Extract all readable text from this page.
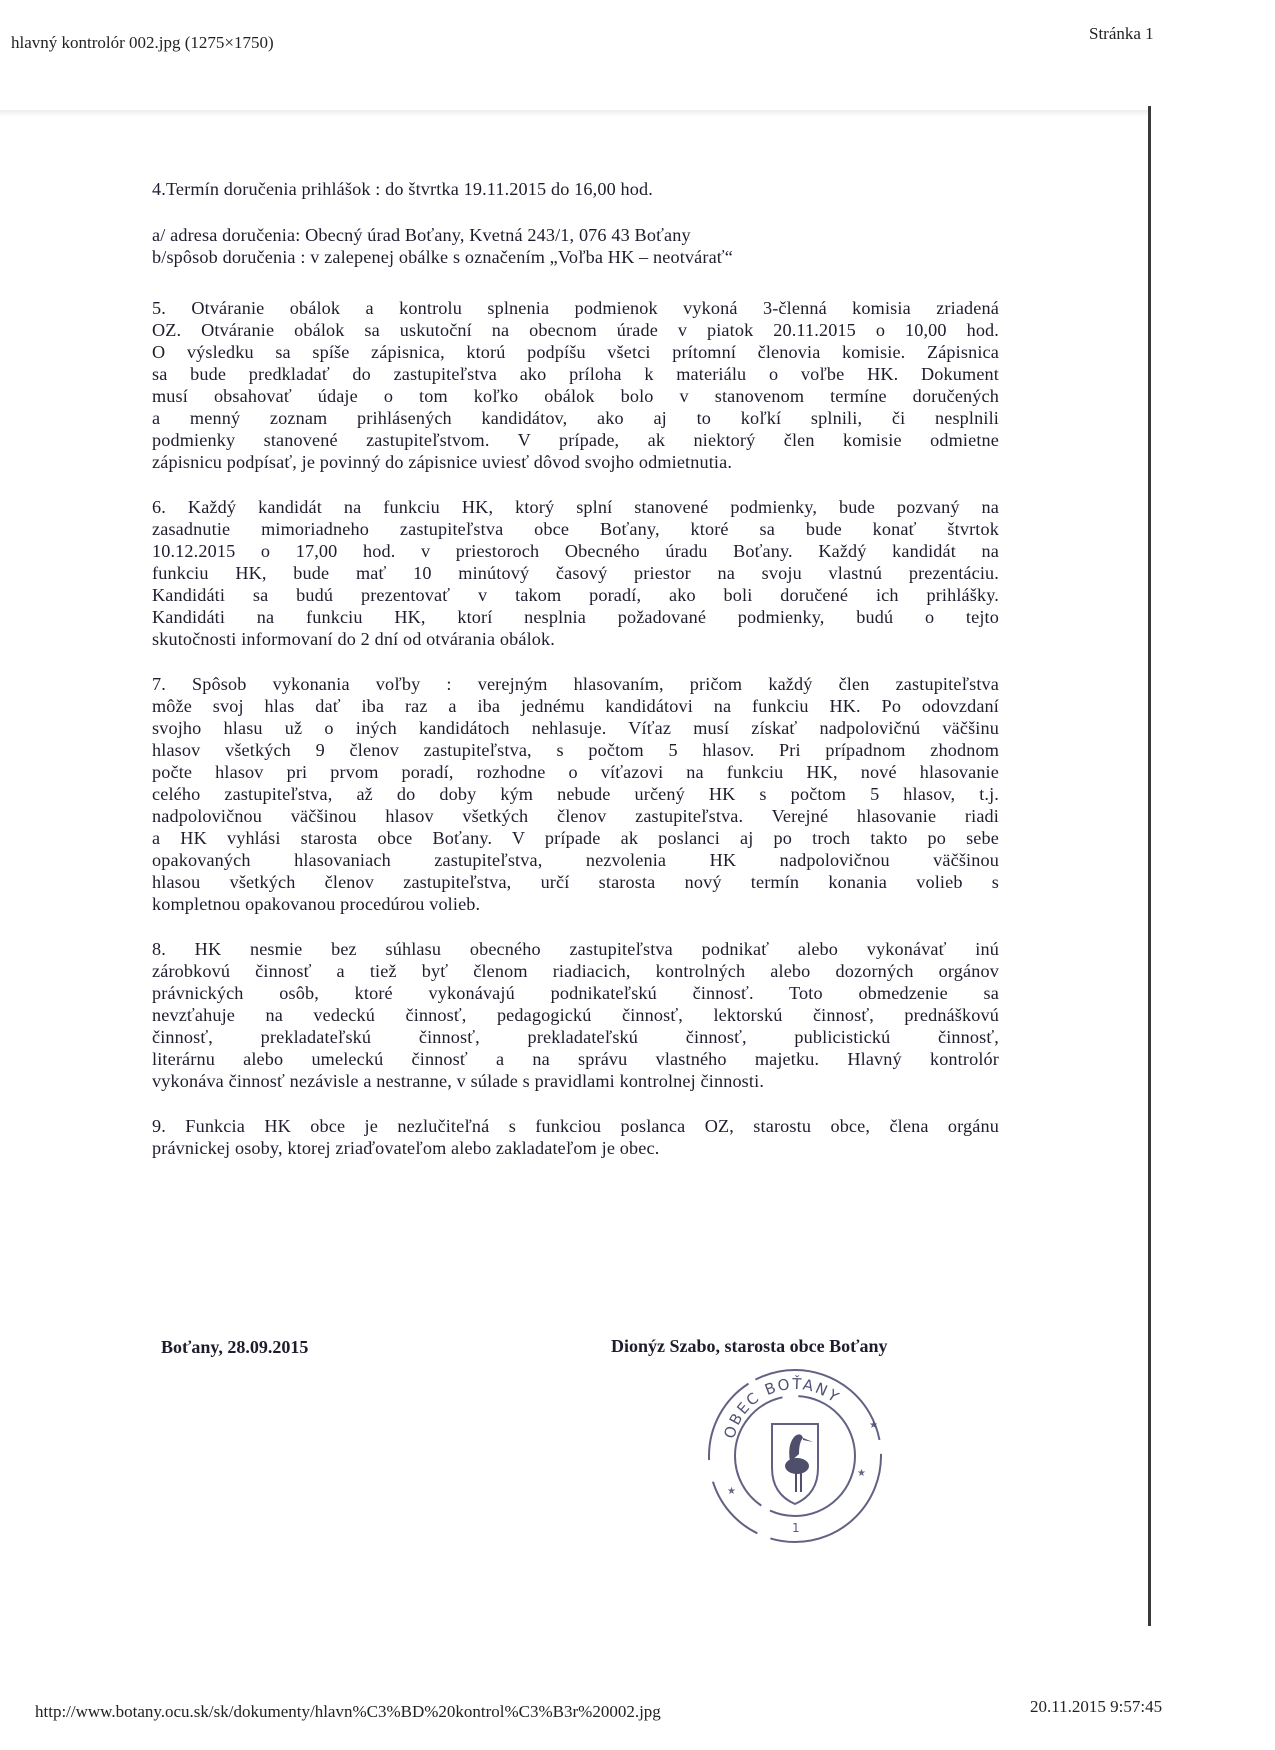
hlavný kontrolór 002.jpg (1275×1750)	Stránka 1
4.Termín doručenia prihlášok : do štvrtka 19.11.2015 do 16,00 hod.
a/ adresa doručenia: Obecný úrad Boťany, Kvetná 243/1, 076 43 Boťany
b/spôsob doručenia : v zalepenej obálke s označením „Voľba HK – neotvárať“
5. Otváranie obálok a kontrolu splnenia podmienok vykoná 3-členná komisia zriadená
OZ. Otváranie obálok sa uskutoční na obecnom úrade v piatok 20.11.2015 o 10,00 hod.
O výsledku sa spíše zápisnica, ktorú podpíšu všetci prítomní členovia komisie. Zápisnica
sa bude predkladať do zastupiteľstva ako príloha k materiálu o voľbe HK. Dokument
musí obsahovať údaje o tom koľko obálok bolo v stanovenom termíne doručených
a menný zoznam prihlásených kandidátov, ako aj to koľkí splnili, či nesplnili
podmienky stanovené zastupiteľstvom. V prípade, ak niektorý člen komisie odmietne
zápisnicu podpísať, je povinný do zápisnice uviesť dôvod svojho odmietnutia.
6. Každý kandidát na funkciu HK, ktorý splní stanovené podmienky, bude pozvaný na
zasadnutie mimoriadneho zastupiteľstva obce Boťany, ktoré sa bude konať štvrtok
10.12.2015 o 17,00 hod. v priestoroch Obecného úradu Boťany. Každý kandidát na
funkciu HK, bude mať 10 minútový časový priestor na svoju vlastnú prezentáciu.
Kandidáti sa budú prezentovať v takom poradí, ako boli doručené ich prihlášky.
Kandidáti na funkciu HK, ktorí nesplnia požadované podmienky, budú o tejto
skutočnosti informovaní do 2 dní od otvárania obálok.
7. Spôsob vykonania voľby : verejným hlasovaním, pričom každý člen zastupiteľstva
môže svoj hlas dať iba raz a iba jednému kandidátovi na funkciu HK. Po odovzdaní
svojho hlasu už o iných kandidátoch nehlasuje. Víťaz musí získať nadpolovičnú väčšinu
hlasov všetkých 9 členov zastupiteľstva, s počtom 5 hlasov. Pri prípadnom zhodnom
počte hlasov pri prvom poradí, rozhodne o víťazovi na funkciu HK, nové hlasovanie
celého zastupiteľstva, až do doby kým nebude určený HK s počtom 5 hlasov, t.j.
nadpolovičnou väčšinou hlasov všetkých členov zastupiteľstva. Verejné hlasovanie riadi
a HK vyhlási starosta obce Boťany. V prípade ak poslanci aj po troch takto po sebe
opakovaných hlasovaniach zastupiteľstva, nezvolenia HK nadpolovičnou väčšinou
hlasou všetkých členov zastupiteľstva, určí starosta nový termín konania volieb s
kompletnou opakovanou procedúrou volieb.
8. HK nesmie bez súhlasu obecného zastupiteľstva podnikať alebo vykonávať inú
zárobkovú činnosť a tiež byť členom riadiacich, kontrolných alebo dozorných orgánov
právnických osôb, ktoré vykonávajú podnikateľskú činnosť. Toto obmedzenie sa
nevzťahuje na vedeckú činnosť, pedagogickú činnosť, lektorskú činnosť, prednáškovú
činnosť, prekladateľskú činnosť, prekladateľskú činnosť, publicistickú činnosť,
literárnu alebo umeleckú činnosť a na správu vlastného majetku. Hlavný kontrolór
vykonáva činnosť nezávisle a nestranne, v súlade s pravidlami kontrolnej činnosti.
9. Funkcia HK obce je nezlučiteľná s funkciou poslanca OZ, starostu obce, člena orgánu
právnickej osoby, ktorej zriaďovateľom alebo zakladateľom je obec.
Boťany, 28.09.2015	Dionýz Szabo, starosta obce Boťany
★
★
★
OBEC BOŤANY
1
http://www.botany.ocu.sk/sk/dokumenty/hlavn%C3%BD%20kontrol%C3%B3r%20002.jpg	20.11.2015 9:57:45
